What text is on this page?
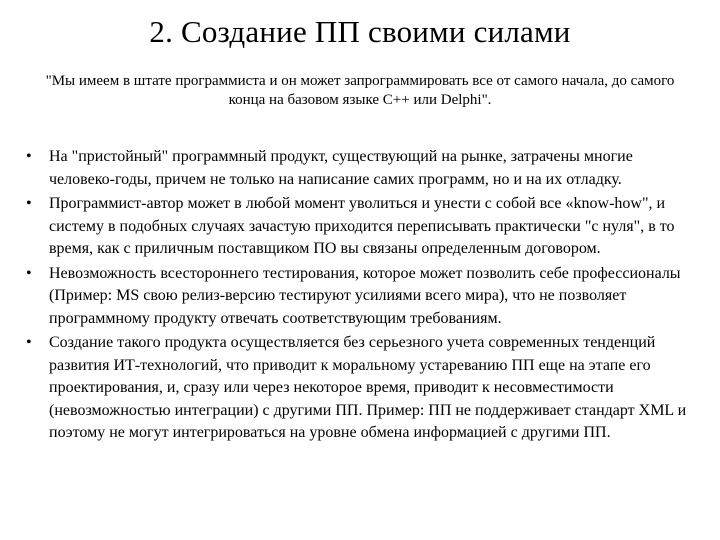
2. Создание ПП своими силами
"Мы имеем в штате программиста и он может запрограммировать все от самого начала, до самого конца на базовом языке С++ или Delphi".
•	На "пристойный" программный продукт, существующий на рынке, затрачены многие человеко-годы, причем не только на написание самих программ, но и на их отладку.
•	Программист-автор может в любой момент уволиться и унести с собой все «know-how", и систему в подобных случаях зачастую приходится переписывать практически "с нуля", в то время, как с приличным поставщиком ПО вы связаны определенным договором.
•	Невозможность всестороннего тестирования, которое может позволить себе профессионалы (Пример: MS свою релиз-версию тестируют усилиями всего мира), что не позволяет программному продукту отвечать соответствующим требованиям.
•	Создание такого продукта осуществляется без серьезного учета современных тенденций развития ИТ-технологий, что приводит к моральному устареванию ПП еще на этапе его проектирования, и, сразу или через некоторое время, приводит к несовместимости (невозможностью интеграции) с другими ПП. Пример: ПП не поддерживает стандарт XML и поэтому не могут интегрироваться на уровне обмена информацией с другими ПП.
